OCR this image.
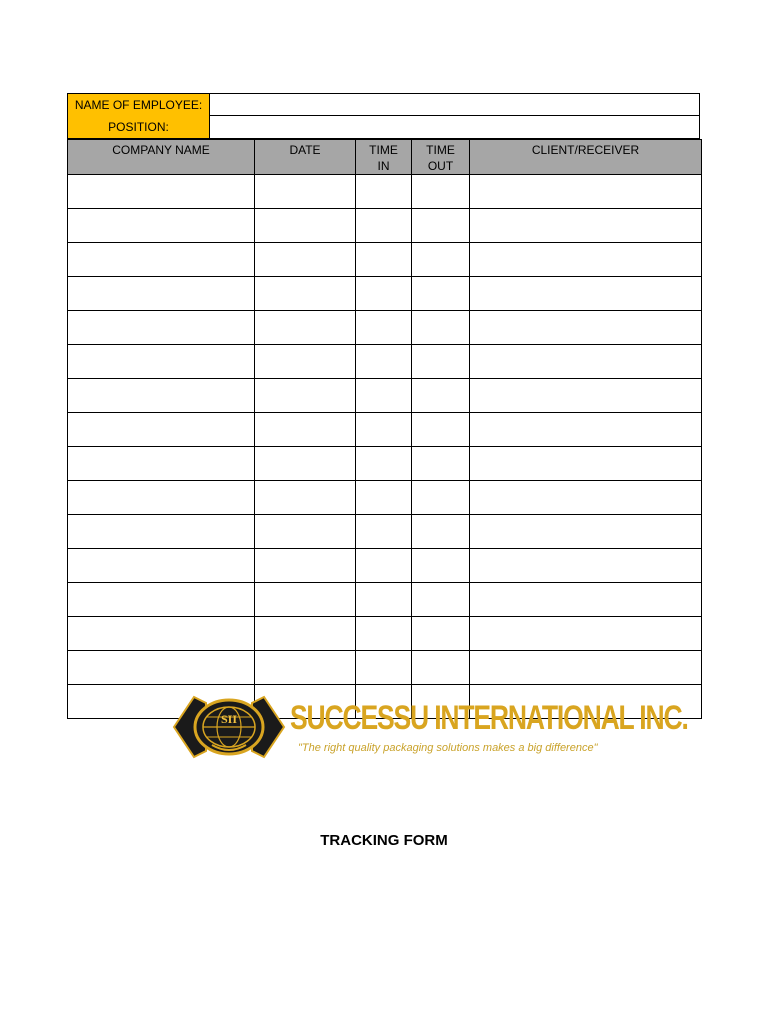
NAME OF EMPLOYEE:
POSITION:
COMPANY NAME	DATE	TIME IN	TIME OUT	CLIENT/RECEIVER

SII SUCCESSU INTERNATIONAL INC.
"The right quality packaging solutions makes a big difference"
TRACKING FORM
